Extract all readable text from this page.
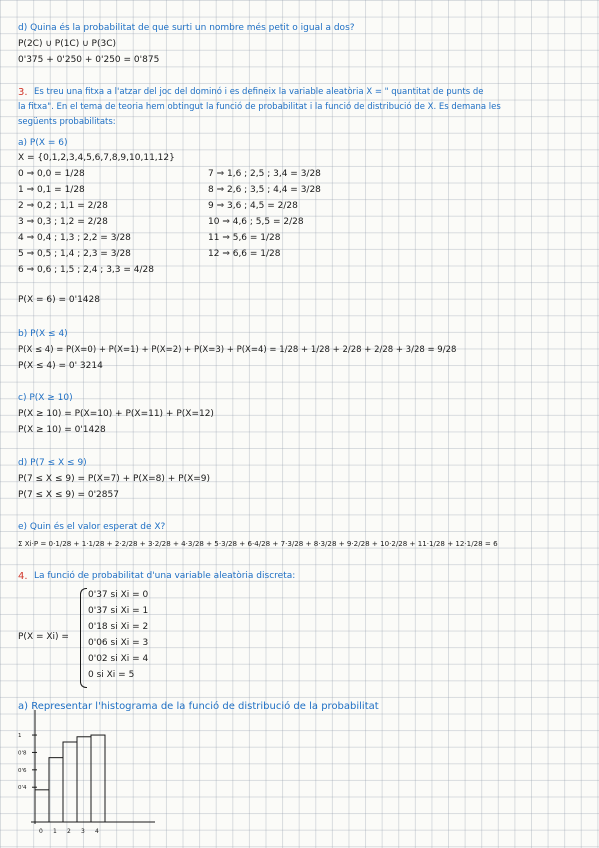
d) Quina és la probabilitat de que surti un nombre més petit o igual a dos?
P(2C) ∪ P(1C) ∪ P(3C)
0'375 + 0'250 + 0'250 = 0'875
3. Es treu una fitxa a l'atzar del joc del dominó i es defineix la variable aleatòria X = " quantitat de punts de
la fitxa". En el tema de teoria hem obtingut la funció de probabilitat i la funció de distribució de X. Es demana les
següents probabilitats:
a) P(X = 6)
X = {0,1,2,3,4,5,6,7,8,9,10,11,12}
0 ⇒ 0,0 = 1/28
1 ⇒ 0,1 = 1/28
2 ⇒ 0,2 ; 1,1 = 2/28
3 ⇒ 0,3 ; 1,2 = 2/28
4 ⇒ 0,4 ; 1,3 ; 2,2 = 3/28
5 ⇒ 0,5 ; 1,4 ; 2,3 = 3/28
6 ⇒ 0,6 ; 1,5 ; 2,4 ; 3,3 = 4/28
7 ⇒ 1,6 ; 2,5 ; 3,4 = 3/28
8 ⇒ 2,6 ; 3,5 ; 4,4 = 3/28
9 ⇒ 3,6 ; 4,5 = 2/28
10 ⇒ 4,6 ; 5,5 = 2/28
11 ⇒ 5,6 = 1/28
12 ⇒ 6,6 = 1/28
P(X = 6) = 0'1428
b) P(X ≤ 4)
P(X ≤ 4) = P(X=0) + P(X=1) + P(X=2) + P(X=3) + P(X=4) = 1/28 + 1/28 + 2/28 + 2/28 + 3/28 = 9/28
P(X ≤ 4) = 0' 3214
c) P(X ≥ 10)
P(X ≥ 10) = P(X=10) + P(X=11) + P(X=12)
P(X ≥ 10) = 0'1428
d) P(7 ≤ X ≤ 9)
P(7 ≤ X ≤ 9) = P(X=7) + P(X=8) + P(X=9)
P(7 ≤ X ≤ 9) = 0'2857
e) Quin és el valor esperat de X?
Σ Xi·P = 0·1/28 + 1·1/28 + 2·2/28 + 3·2/28 + 4·3/28 + 5·3/28 + 6·4/28 + 7·3/28 + 8·3/28 + 9·2/28 + 10·2/28 + 11·1/28 + 12·1/28 = 6
4. La funció de probabilitat d'una variable aleatòria discreta:
P(X = Xi) =
0'37 si Xi = 0
0'37 si Xi = 1
0'18 si Xi = 2
0'06 si Xi = 3
0'02 si Xi = 4
0 si Xi = 5
a) Representar l'histograma de la funció de distribució de la probabilitat
0 1 2 3 4
0'4
0'6
0'8
1
